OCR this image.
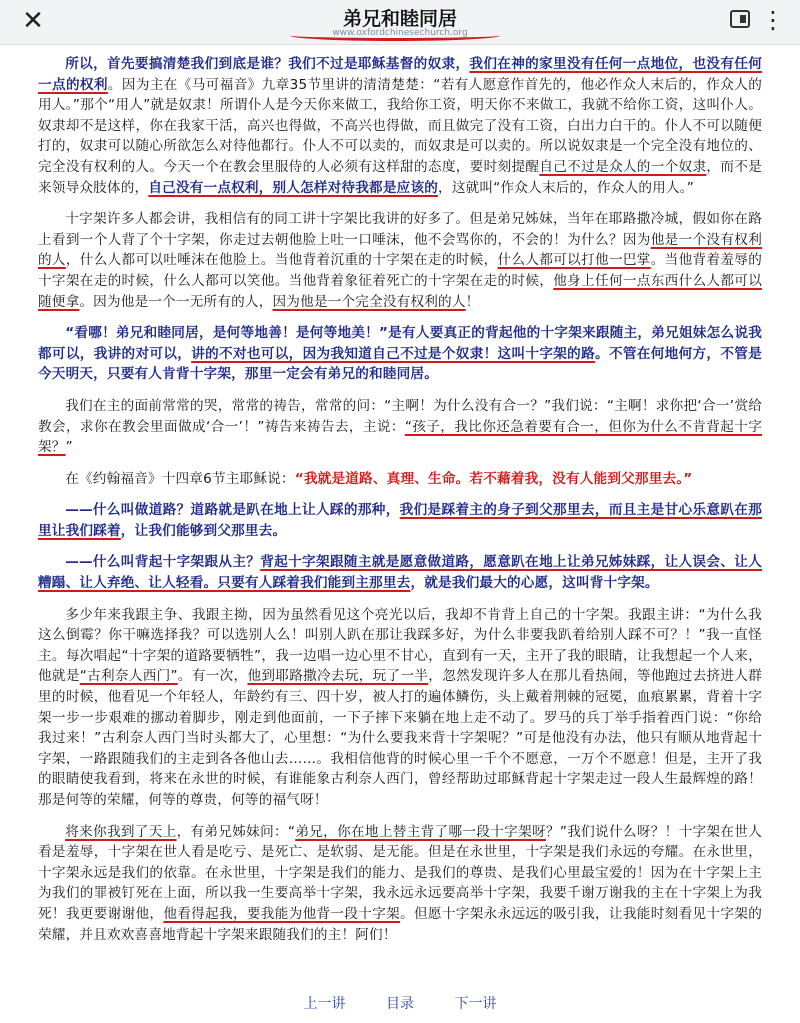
✕	弟兄和睦同居
www.oxfordchinesechurch.org	⋮

所以，首先要搞清楚我们到底是谁？我们不过是耶稣基督的奴隶，我们在神的家里没有任何一点地位，也没有任何一点的权利。因为主在《马可福音》九章35节里讲的清清楚楚：“若有人愿意作首先的，他必作众人末后的，作众人的用人。”那个“用人”就是奴隶！所谓仆人是今天你来做工，我给你工资，明天你不来做工，我就不给你工资，这叫仆人。奴隶却不是这样，你在我家干活，高兴也得做，不高兴也得做，而且做完了没有工资，白出力白干的。仆人不可以随便打的，奴隶可以随心所欲怎么对待他都行。仆人不可以卖的，而奴隶是可以卖的。所以说奴隶是一个完全没有地位的、完全没有权利的人。今天一个在教会里服侍的人必须有这样甜的态度，要时刻提醒自己不过是众人的一个奴隶，而不是来领导众肢体的，自己没有一点权利，别人怎样对待我都是应该的，这就叫“作众人末后的，作众人的用人。”

十字架许多人都会讲，我相信有的同工讲十字架比我讲的好多了。但是弟兄姊妹，当年在耶路撒冷城，假如你在路上看到一个人背了个十字架，你走过去朝他脸上吐一口唾沫，他不会骂你的，不会的！为什么？因为他是一个没有权利的人，什么人都可以吐唾沫在他脸上。当他背着沉重的十字架在走的时候，什么人都可以打他一巴掌。当他背着羞辱的十字架在走的时候，什么人都可以笑他。当他背着象征着死亡的十字架在走的时候，他身上任何一点东西什么人都可以随便拿。因为他是一个一无所有的人，因为他是一个完全没有权利的人！

“看哪！弟兄和睦同居，是何等地善！是何等地美！”是有人要真正的背起他的十字架来跟随主，弟兄姐妹怎么说我都可以，我讲的对可以，讲的不对也可以，因为我知道自己不过是个奴隶！这叫十字架的路。不管在何地何方，不管是今天明天，只要有人肯背十字架，那里一定会有弟兄的和睦同居。

我们在主的面前常常的哭，常常的祷告，常常的问：“主啊！为什么没有合一？”我们说：“主啊！求你把‘合一’赏给教会，求你在教会里面做成‘合一’！”祷告来祷告去，主说：“孩子，我比你还急着要有合一，但你为什么不肯背起十字架？”

在《约翰福音》十四章6节主耶稣说：“我就是道路、真理、生命。若不藉着我，没有人能到父那里去。”

——什么叫做道路？道路就是趴在地上让人踩的那种，我们是踩着主的身子到父那里去，而且主是甘心乐意趴在那里让我们踩着，让我们能够到父那里去。

——什么叫背起十字架跟从主？背起十字架跟随主就是愿意做道路，愿意趴在地上让弟兄姊妹踩，让人误会、让人糟蹋、让人弃绝、让人轻看。只要有人踩着我们能到主那里去，就是我们最大的心愿，这叫背十字架。

多少年来我跟主争、我跟主拗，因为虽然看见这个亮光以后，我却不肯背上自己的十字架。我跟主讲：“为什么我这么倒霉？你干嘛选择我？可以选别人么！叫别人趴在那让我踩多好，为什么非要我趴着给别人踩不可？！”我一直怪主。每次唱起“十字架的道路要牺牲”，我一边唱一边心里不甘心，直到有一天，主开了我的眼睛，让我想起一个人来，他就是“古利奈人西门”。有一次，他到耶路撒冷去玩，玩了一半，忽然发现许多人在那儿看热闹，等他跑过去挤进人群里的时候，他看见一个年轻人，年龄约有三、四十岁，被人打的遍体鳞伤，头上戴着荆棘的冠冕，血痕累累，背着十字架一步一步艰难的挪动着脚步，刚走到他面前，一下子摔下来躺在地上走不动了。罗马的兵丁举手指着西门说：“你给我过来！”古利奈人西门当时头都大了，心里想：“为什么要我来背十字架呢？”可是他没有办法，他只有顺从地背起十字架，一路跟随我们的主走到各各他山去……。我相信他背的时候心里一千个不愿意，一万个不愿意！但是，主开了我的眼睛使我看到，将来在永世的时候，有谁能象古利奈人西门，曾经帮助过耶稣背起十字架走过一段人生最辉煌的路！那是何等的荣耀，何等的尊贵，何等的福气呀！

将来你我到了天上，有弟兄姊妹问：“弟兄，你在地上替主背了哪一段十字架呀？”我们说什么呀？！十字架在世人看是羞辱，十字架在世人看是吃亏、是死亡、是软弱、是无能。但是在永世里，十字架是我们永远的夸耀。在永世里，十字架永远是我们的依靠。在永世里，十字架是我们的能力、是我们的尊贵、是我们心里最宝爱的！因为在十字架上主为我们的罪被钉死在上面，所以我一生要高举十字架，我永远永远要高举十字架，我要千谢万谢我的主在十字架上为我死！我更要谢谢他，他看得起我，要我能为他背一段十字架。但愿十字架永永远远的吸引我，让我能时刻看见十字架的荣耀，并且欢欢喜喜地背起十字架来跟随我们的主！阿们！

上一讲	目录	下一讲
